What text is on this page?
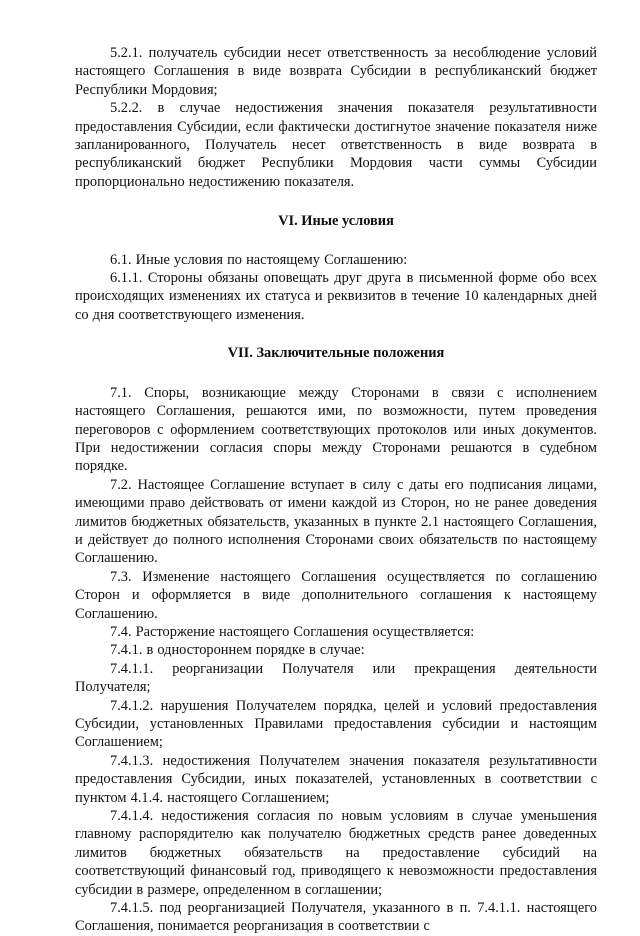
5.2.1. получатель субсидии несет ответственность за несоблюдение условий настоящего Соглашения в виде возврата Субсидии в республиканский бюджет Республики Мордовия;

5.2.2. в случае недостижения значения показателя результативности предоставления Субсидии, если фактически достигнутое значение показателя ниже запланированного, Получатель несет ответственность в виде возврата в республиканский бюджет Республики Мордовия части суммы Субсидии пропорционально недостижению показателя.

VI. Иные условия

6.1. Иные условия по настоящему Соглашению:

6.1.1. Стороны обязаны оповещать друг друга в письменной форме обо всех происходящих изменениях их статуса и реквизитов в течение 10 календарных дней со дня соответствующего изменения.

VII. Заключительные положения

7.1. Споры, возникающие между Сторонами в связи с исполнением настоящего Соглашения, решаются ими, по возможности, путем проведения переговоров с оформлением соответствующих протоколов или иных документов. При недостижении согласия споры между Сторонами решаются в судебном порядке.

7.2. Настоящее Соглашение вступает в силу с даты его подписания лицами, имеющими право действовать от имени каждой из Сторон, но не ранее доведения лимитов бюджетных обязательств, указанных в пункте 2.1 настоящего Соглашения, и действует до полного исполнения Сторонами своих обязательств по настоящему Соглашению.

7.3. Изменение настоящего Соглашения осуществляется по соглашению Сторон и оформляется в виде дополнительного соглашения к настоящему Соглашению.

7.4. Расторжение настоящего Соглашения осуществляется:

7.4.1. в одностороннем порядке в случае:

7.4.1.1. реорганизации Получателя или прекращения деятельности Получателя;

7.4.1.2. нарушения Получателем порядка, целей и условий предоставления Субсидии, установленных Правилами предоставления субсидии и настоящим Соглашением;

7.4.1.3. недостижения Получателем значения показателя результативности предоставления Субсидии, иных показателей, установленных в соответствии с пунктом 4.1.4. настоящего Соглашением;

7.4.1.4. недостижения согласия по новым условиям в случае уменьшения главному распорядителю как получателю бюджетных средств ранее доведенных лимитов бюджетных обязательств на предоставление субсидий на соответствующий финансовый год, приводящего к невозможности предоставления субсидии в размере, определенном в соглашении;

7.4.1.5. под реорганизацией Получателя, указанного в п. 7.4.1.1. настоящего Соглашения, понимается реорганизация в соответствии с
